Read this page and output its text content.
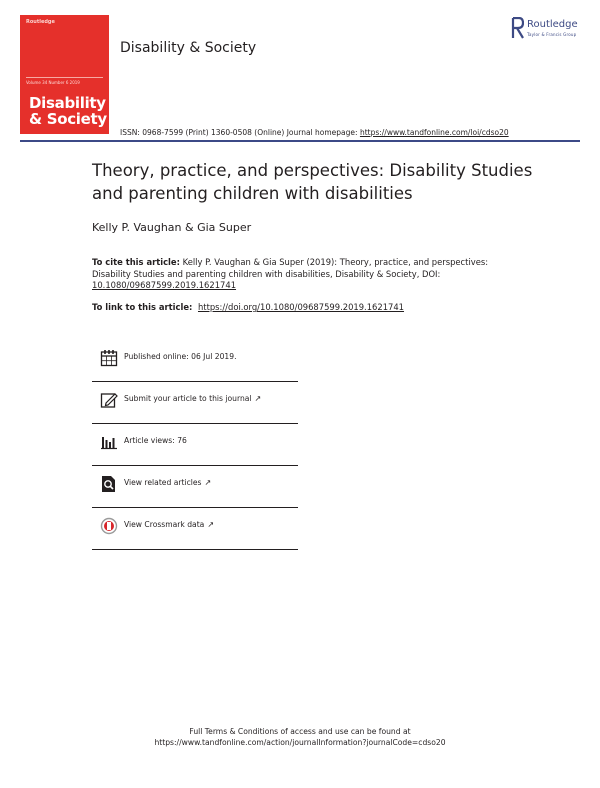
Routledge
Volume 34 Number 6 2019
Disability
& Society
Disability & Society
Routledge
Taylor & Francis Group
ISSN: 0968-7599 (Print) 1360-0508 (Online) Journal homepage: https://www.tandfonline.com/loi/cdso20
Theory, practice, and perspectives: Disability Studies and parenting children with disabilities
Kelly P. Vaughan & Gia Super
To cite this article: Kelly P. Vaughan & Gia Super (2019): Theory, practice, and perspectives: Disability Studies and parenting children with disabilities, Disability & Society, DOI: 10.1080/09687599.2019.1621741
To link to this article:  https://doi.org/10.1080/09687599.2019.1621741
Published online: 06 Jul 2019.
Submit your article to this journal ↗
Article views: 76
View related articles ↗
View Crossmark data ↗
Full Terms & Conditions of access and use can be found at
https://www.tandfonline.com/action/journalInformation?journalCode=cdso20
